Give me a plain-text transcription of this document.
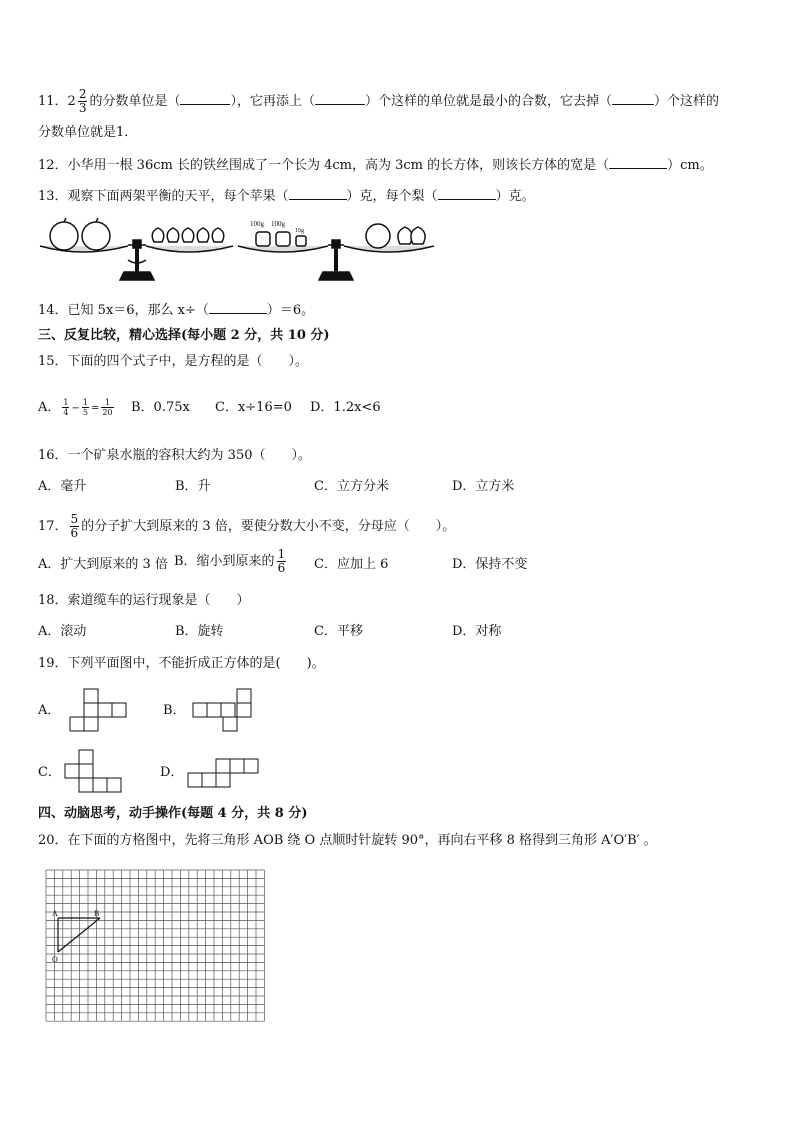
11．$2 \frac{2}{3}$ 的分数单位是（	），它再添上（	）个这样的单位就是最小的合数，它去掉（	）个这样的
分数单位就是1．
12．小华用一根 36cm 长的铁丝围成了一个长为 4cm，高为 3cm 的长方体，则该长方体的宽是（	）cm。
13．观察下面两架平衡的天平，每个苹果（	）克，每个梨（	）克。
100g 100g
10g
14．已知 5x＝6，那么 x÷（	）＝6。
三、反复比较，精心选择(每小题 2 分，共 10 分)
15．下面的四个式子中，是方程的是（　　）。
A． $\frac{1}{4} - \frac{1}{5} = \frac{1}{20}$ B．0.75x C．x÷16=0 D．1.2x<6
16．一个矿泉水瓶的容积大约为 350（　　）。
A．毫升	B．升	C．立方分米	D．立方米
17． $\frac{5}{6}$ 的分子扩大到原来的 3 倍，要使分数大小不变，分母应（　　）。
A．扩大到原来的 3 倍 B．缩小到原来的 $\frac{1}{6}$ C．应加上 6	D．保持不变
18．索道缆车的运行现象是（　　）
A．滚动	B．旋转	C．平移	D．对称
19．下列平面图中，不能折成正方体的是(　　)。
A．	B．
C．	D．
四、动脑思考，动手操作(每题 4 分，共 8 分)
20．在下面的方格图中，先将三角形 AOB 绕 O 点顺时针旋转 90°，再向右平移 8 格得到三角形 A′O′B′ 。
A	B
O
